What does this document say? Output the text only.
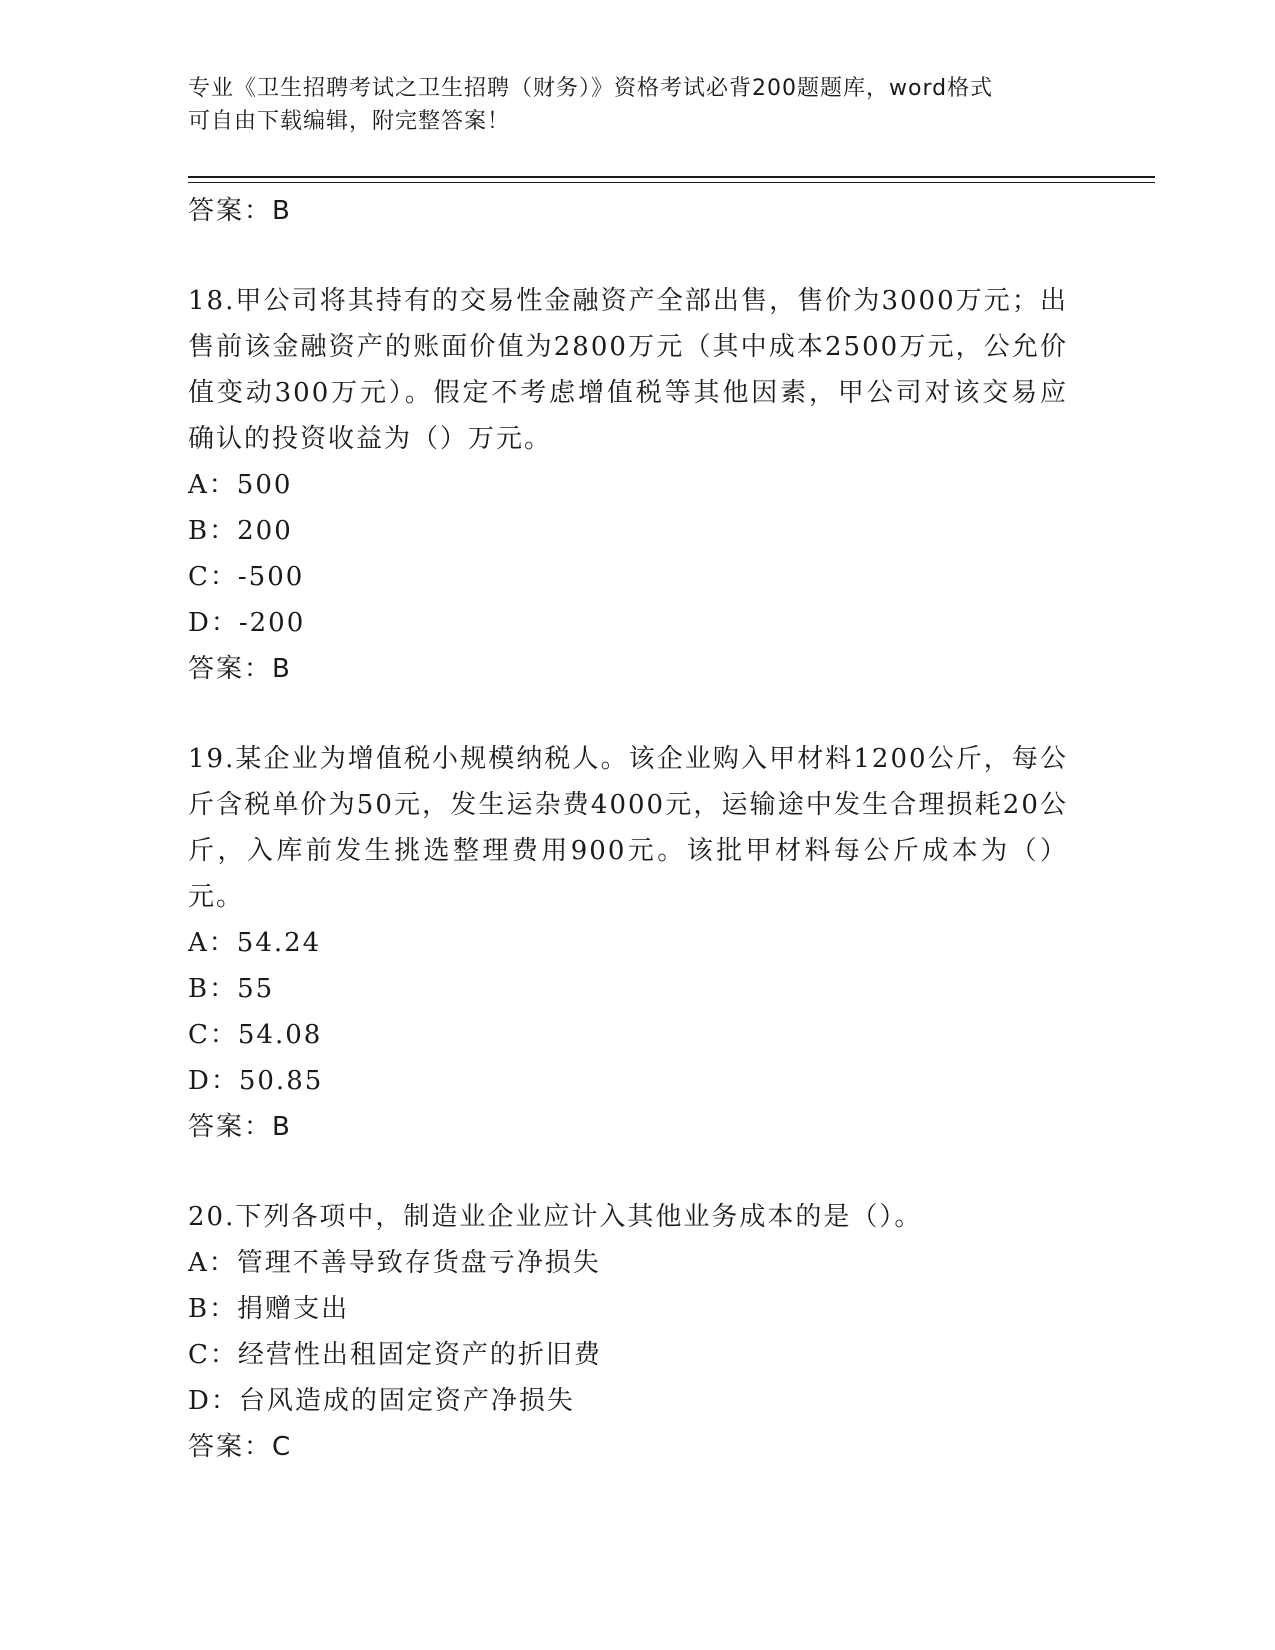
专业《卫生招聘考试之卫生招聘（财务）》资格考试必背200题题库，word格式
可自由下载编辑，附完整答案！
答案：B
18.甲公司将其持有的交易性金融资产全部出售，售价为3000万元；出售前该金融资产的账面价值为2800万元（其中成本2500万元，公允价值变动300万元）。假定不考虑增值税等其他因素，甲公司对该交易应确认的投资收益为（）万元。
A：500
B：200
C：-500
D：-200
答案：B
19.某企业为增值税小规模纳税人。该企业购入甲材料1200公斤，每公斤含税单价为50元，发生运杂费4000元，运输途中发生合理损耗20公斤，入库前发生挑选整理费用900元。该批甲材料每公斤成本为（）元。
A：54.24
B：55
C：54.08
D：50.85
答案：B
20.下列各项中，制造业企业应计入其他业务成本的是（）。
A：管理不善导致存货盘亏净损失
B：捐赠支出
C：经营性出租固定资产的折旧费
D：台风造成的固定资产净损失
答案：C
